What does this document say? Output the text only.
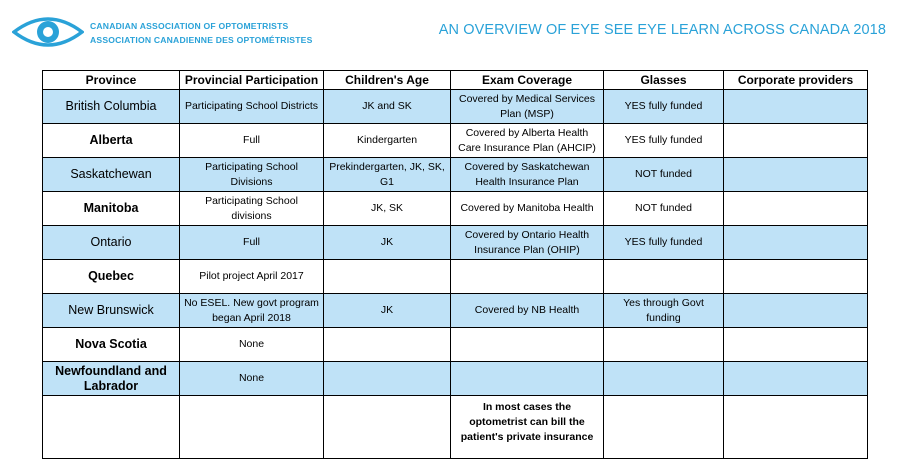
CANADIAN ASSOCIATION OF OPTOMETRISTS
ASSOCIATION CANADIENNE DES OPTOMÉTRISTES
AN OVERVIEW OF EYE SEE EYE LEARN ACROSS CANADA 2018
Province	Provincial Participation	Children's Age	Exam Coverage	Glasses	Corporate providers
British Columbia	Participating School Districts	JK and SK	Covered by Medical Services Plan (MSP)	YES fully funded	
Alberta	Full	Kindergarten	Covered by Alberta Health Care Insurance Plan (AHCIP)	YES fully funded	
Saskatchewan	Participating School Divisions	Prekindergarten, JK, SK, G1	Covered by Saskatchewan Health Insurance Plan	NOT funded	
Manitoba	Participating School divisions	JK, SK	Covered by Manitoba Health	NOT funded	
Ontario	Full	JK	Covered by Ontario Health Insurance Plan (OHIP)	YES fully funded	
Quebec	Pilot project April 2017				
New Brunswick	No ESEL. New govt program began April 2018	JK	Covered by NB Health	Yes through Govt funding	
Nova Scotia	None				
Newfoundland and Labrador	None				
			In most cases the optometrist can bill the patient's private insurance		
